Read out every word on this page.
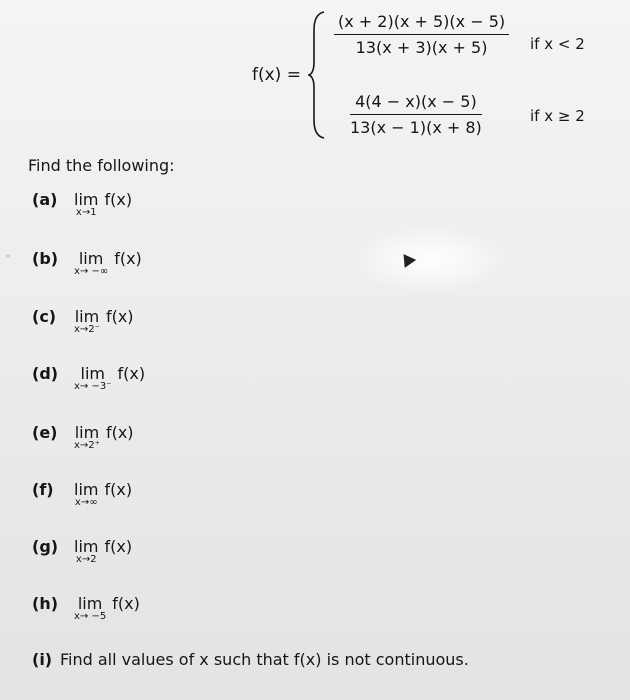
f(x) =
$\frac{(x + 2)(x + 5)(x - 5)}{13(x + 3)(x + 5)}$ if x < 2
$\frac{4(4 - x)(x - 5)}{13(x - 1)(x + 8)}$	if x ≥ 2
Find the following:
(a) lim
x→1
f(x)
(b)	lim
x→ −∞
f(x)
(c) lim
x→2⁻
f(x)
(d)	lim
x→ −3⁻
f(x)
(e) lim
x→2⁺
f(x)
(f) lim
x→∞
f(x)
(g) lim
x→2
f(x)
(h) lim
x→ −5
f(x)
(i) Find all values of x such that f(x) is not continuous.
